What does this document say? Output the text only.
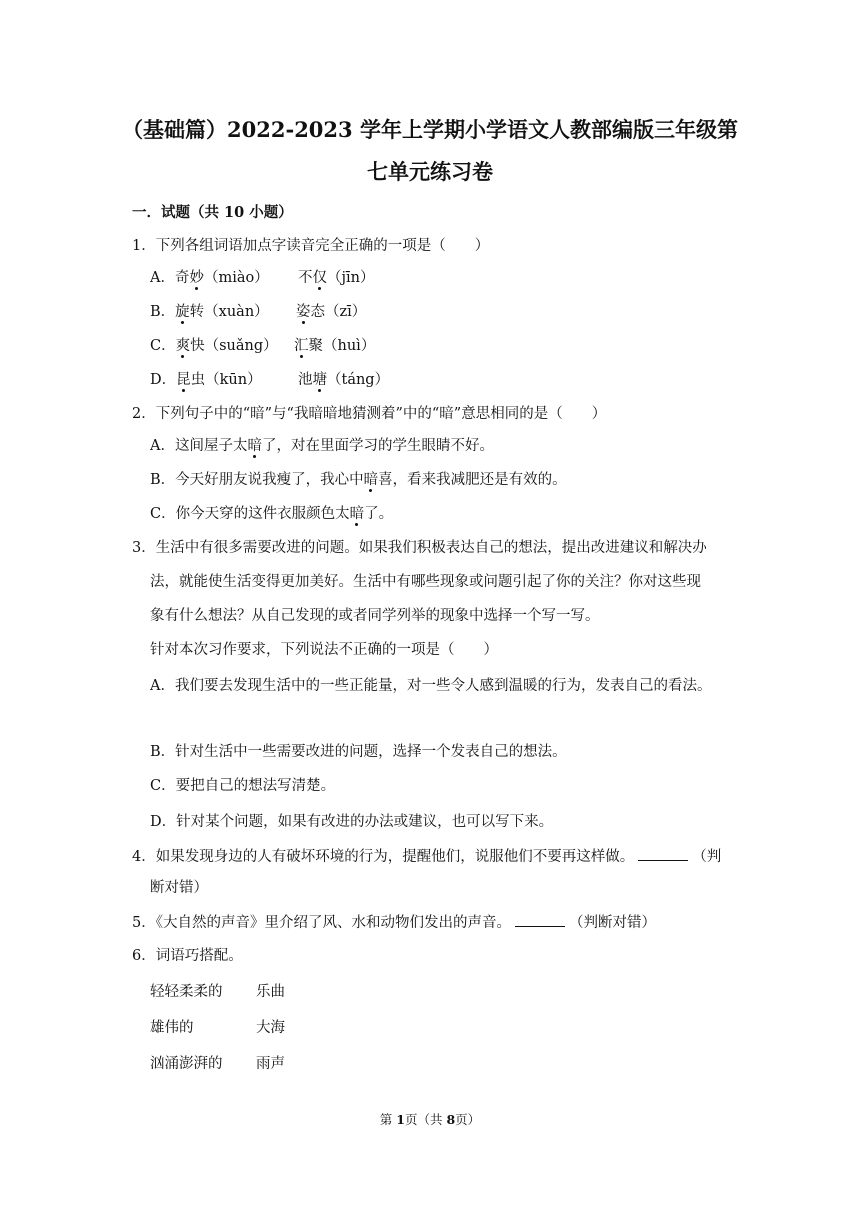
（基础篇）2022-2023 学年上学期小学语文人教部编版三年级第
七单元练习卷
一．试题（共 10 小题）
1．下列各组词语加点字读音完全正确的一项是（　　）
A．奇妙（miào） 不仅（jīn）
B．旋转（xuàn） 姿态（zī）
C．爽快（suǎng） 汇聚（huì）
D．昆虫（kūn）	池塘（táng）
2．下列句子中的“暗”与“我暗暗地猜测着”中的“暗”意思相同的是（　　）
A．这间屋子太暗了，对在里面学习的学生眼睛不好。
B．今天好朋友说我瘦了，我心中暗喜，看来我减肥还是有效的。
C．你今天穿的这件衣服颜色太暗了。
3．生活中有很多需要改进的问题。如果我们积极表达自己的想法，提出改进建议和解决办
法，就能使生活变得更加美好。生活中有哪些现象或问题引起了你的关注？你对这些现
象有什么想法？从自己发现的或者同学列举的现象中选择一个写一写。
针对本次习作要求，下列说法不正确的一项是（　　）
A．我们要去发现生活中的一些正能量，对一些令人感到温暖的行为，发表自己的看法。
B．针对生活中一些需要改进的问题，选择一个发表自己的想法。
C．要把自己的想法写清楚。
D．针对某个问题，如果有改进的办法或建议，也可以写下来。
4．如果发现身边的人有破坏环境的行为，提醒他们，说服他们不要再这样做。	（判
断对错）
5．《大自然的声音》里介绍了风、水和动物们发出的声音。	（判断对错）
6．词语巧搭配。
轻轻柔柔的 乐曲
雄伟的	大海
汹涌澎湃的 雨声
第 1页（共 8页）
